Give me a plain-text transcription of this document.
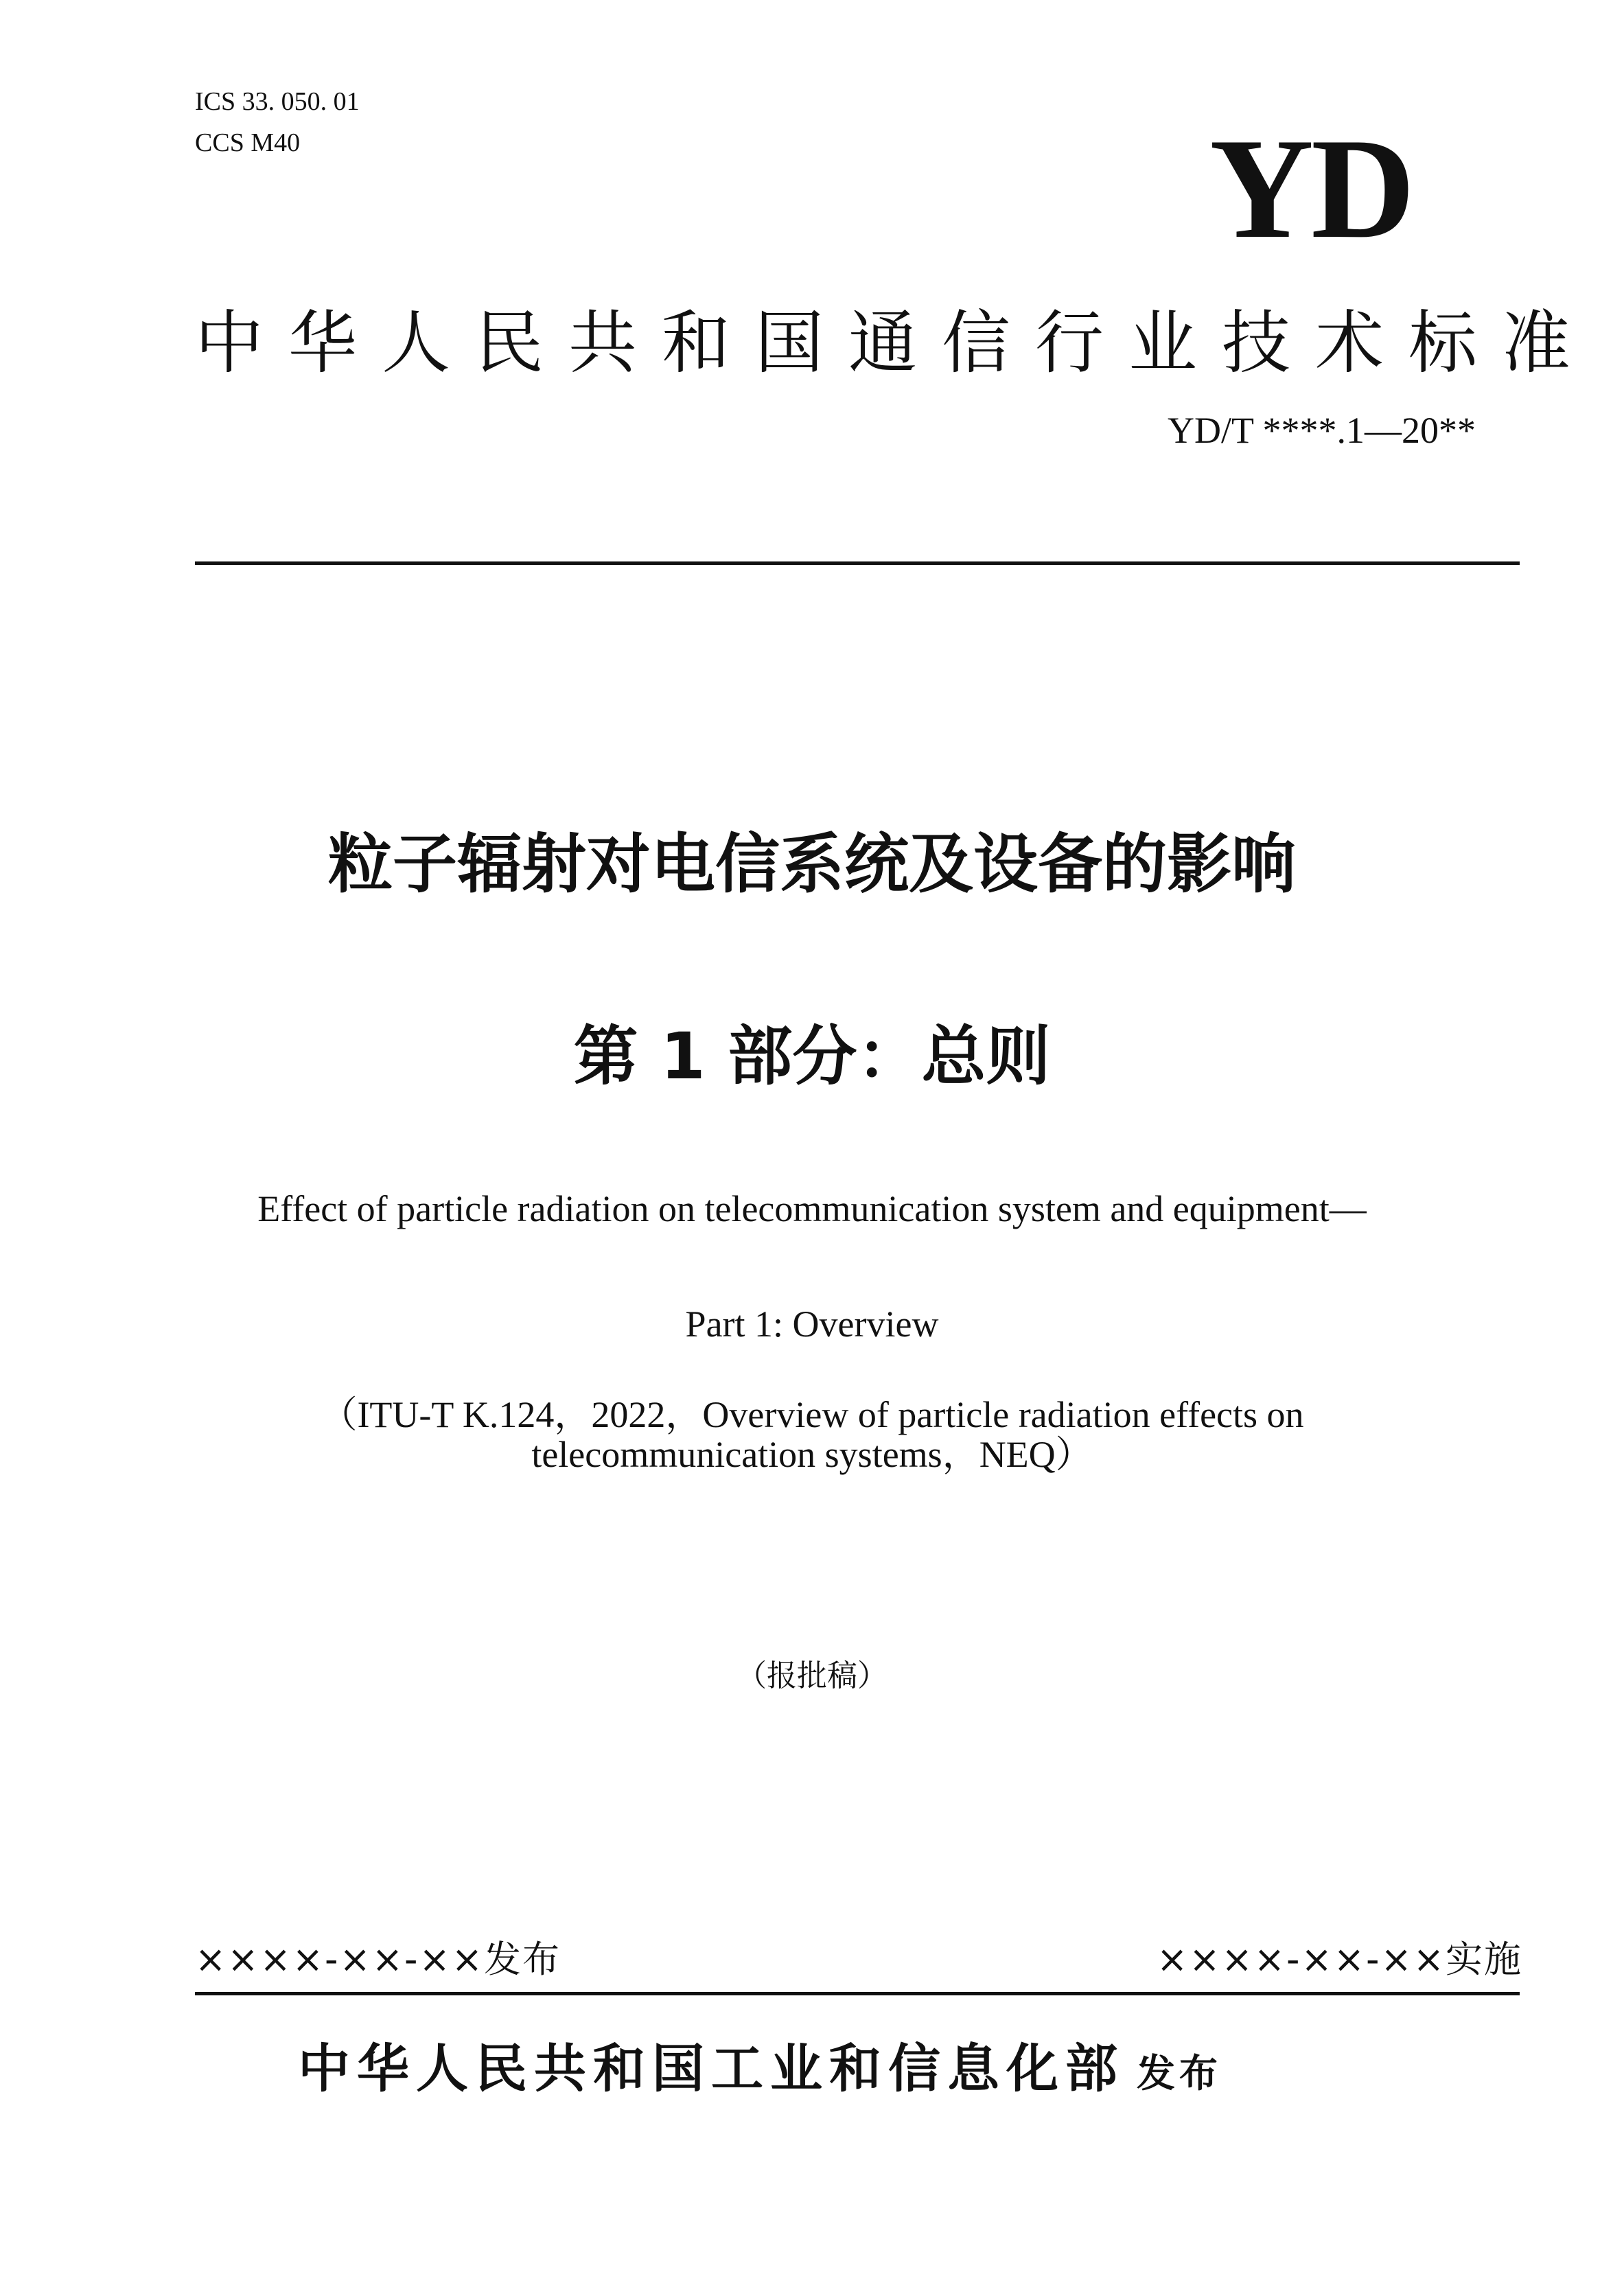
ICS 33. 050. 01
CCS M40	YD
中华人民共和国通信行业技术标准
YD/T ****.1—20**
粒子辐射对电信系统及设备的影响
第 1 部分：总则
Effect of particle radiation on telecommunication system and equipment—
Part 1: Overview
（ITU-T K.124，2022，Overview of particle radiation effects on
telecommunication systems，NEQ）
（报批稿）
××××-××-××发布	××××-××-××实施
中华人民共和国工业和信息化部 发布
